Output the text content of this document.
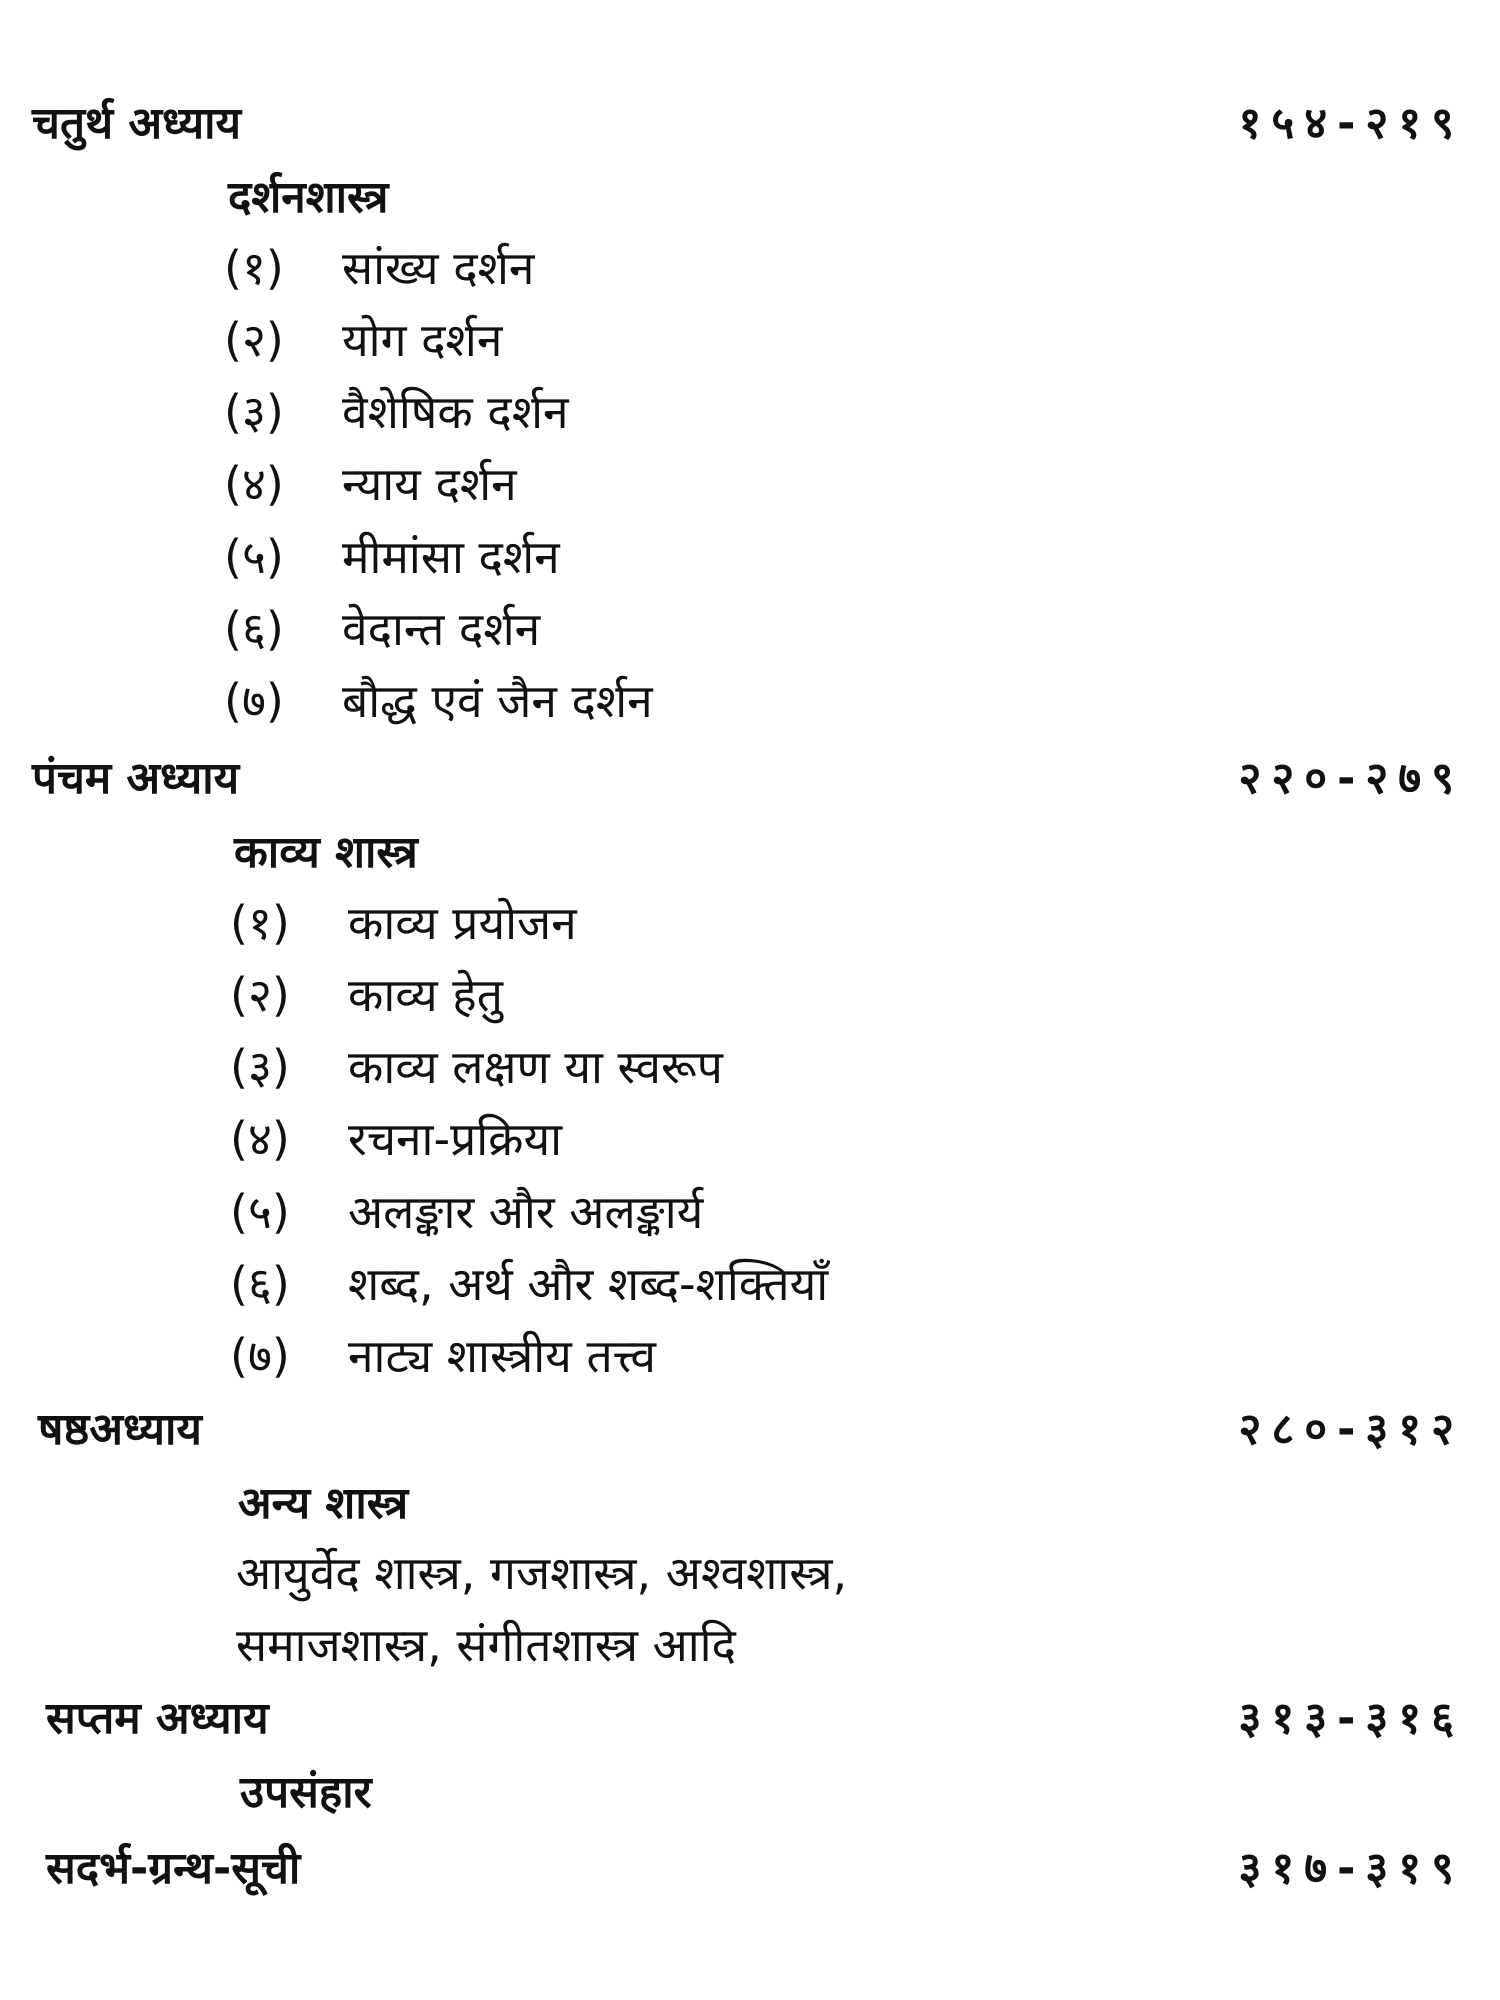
चतुर्थ अध्याय	१५४-२१९
दर्शनशास्त्र
(१) सांख्य दर्शन
(२) योग दर्शन
(३) वैशेषिक दर्शन
(४) न्याय दर्शन
(५) मीमांसा दर्शन
(६) वेदान्त दर्शन
(७) बौद्ध एवं जैन दर्शन
पंचम अध्याय	२२०-२७९
काव्य शास्त्र
(१) काव्य प्रयोजन
(२) काव्य हेतु
(३) काव्य लक्षण या स्वरूप
(४) रचना-प्रक्रिया
(५) अलङ्कार और अलङ्कार्य
(६) शब्द, अर्थ और शब्द-शक्तियाँ
(७) नाट्य शास्त्रीय तत्त्व
षष्ठअध्याय	२८०-३१२
अन्य शास्त्र
आयुर्वेद शास्त्र, गजशास्त्र, अश्वशास्त्र,
समाजशास्त्र, संगीतशास्त्र आदि
सप्तम अध्याय	३१३-३१६
उपसंहार
सदर्भ-ग्रन्थ-सूची	३१७-३१९
